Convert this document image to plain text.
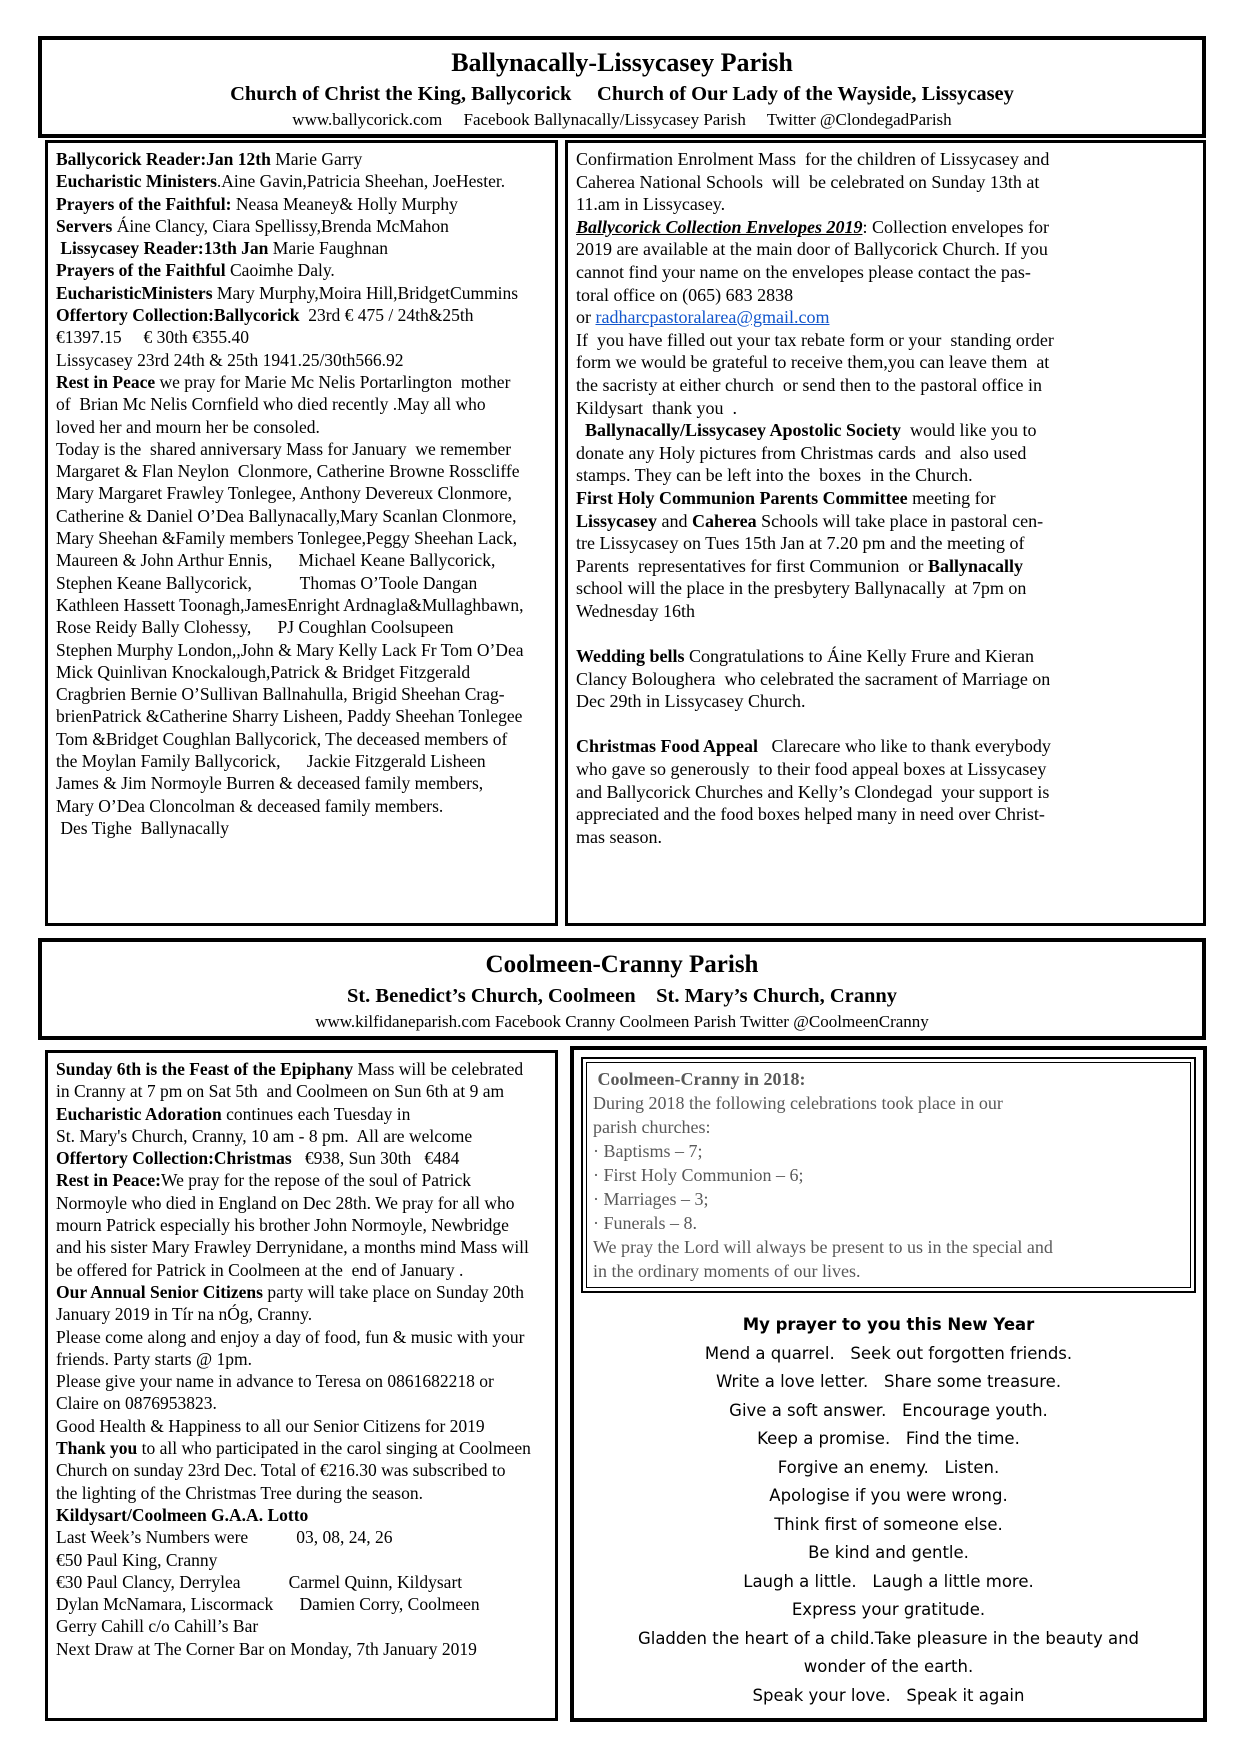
Ballynacally-Lissycasey Parish
Church of Christ the King, Ballycorick     Church of Our Lady of the Wayside, Lissycasey
www.ballycorick.com     Facebook Ballynacally/Lissycasey Parish     Twitter @ClondegadParish
Ballycorick Reader:Jan 12th Marie Garry
Eucharistic Ministers.Aine Gavin,Patricia Sheehan, JoeHester.
Prayers of the Faithful: Neasa Meaney& Holly Murphy
Servers Áine Clancy, Ciara Spellissy,Brenda McMahon
Lissycasey Reader:13th Jan Marie Faughnan
Prayers of the Faithful Caoimhe Daly.
EucharisticMinisters Mary Murphy,Moira Hill,BridgetCummins
Offertory Collection:Ballycorick  23rd € 475 / 24th&25th
€1397.15     € 30th €355.40
Lissycasey 23rd 24th & 25th 1941.25/30th566.92
Rest in Peace we pray for Marie Mc Nelis Portarlington  mother
of  Brian Mc Nelis Cornfield who died recently .May all who
loved her and mourn her be consoled.
Today is the  shared anniversary Mass for January  we remember
Margaret & Flan Neylon  Clonmore, Catherine Browne Rosscliffe
Mary Margaret Frawley Tonlegee, Anthony Devereux Clonmore,
Catherine & Daniel O’Dea Ballynacally,Mary Scanlan Clonmore,
Mary Sheehan &Family members Tonlegee,Peggy Sheehan Lack,
Maureen & John Arthur Ennis,      Michael Keane Ballycorick,
Stephen Keane Ballycorick,           Thomas O’Toole Dangan
Kathleen Hassett Toonagh,JamesEnright Ardnagla&Mullaghbawn,
Rose Reidy Bally Clohessy,      PJ Coughlan Coolsupeen
Stephen Murphy London,,John & Mary Kelly Lack Fr Tom O’Dea
Mick Quinlivan Knockalough,Patrick & Bridget Fitzgerald
Cragbrien Bernie O’Sullivan Ballnahulla, Brigid Sheehan Crag-
brienPatrick &Catherine Sharry Lisheen, Paddy Sheehan Tonlegee
Tom &Bridget Coughlan Ballycorick, The deceased members of
the Moylan Family Ballycorick,      Jackie Fitzgerald Lisheen
James & Jim Normoyle Burren & deceased family members,
Mary O’Dea Cloncolman & deceased family members.
Des Tighe  Ballynacally
Confirmation Enrolment Mass  for the children of Lissycasey and
Caherea National Schools  will  be celebrated on Sunday 13th at
11.am in Lissycasey.
Ballycorick Collection Envelopes 2019: Collection envelopes for
2019 are available at the main door of Ballycorick Church. If you
cannot find your name on the envelopes please contact the pas-
toral office on (065) 683 2838
or radharcpastoralarea@gmail.com
If  you have filled out your tax rebate form or your  standing order
form we would be grateful to receive them,you can leave them  at
the sacristy at either church  or send then to the pastoral office in
Kildysart  thank you  .
Ballynacally/Lissycasey Apostolic Society  would like you to
donate any Holy pictures from Christmas cards  and  also used
stamps. They can be left into the  boxes  in the Church.
First Holy Communion Parents Committee meeting for
Lissycasey and Caherea Schools will take place in pastoral cen-
tre Lissycasey on Tues 15th Jan at 7.20 pm and the meeting of
Parents  representatives for first Communion  or Ballynacally
school will the place in the presbytery Ballynacally  at 7pm on
Wednesday 16th

Wedding bells Congratulations to Áine Kelly Frure and Kieran
Clancy Boloughera  who celebrated the sacrament of Marriage on
Dec 29th in Lissycasey Church.

Christmas Food Appeal   Clarecare who like to thank everybody
who gave so generously  to their food appeal boxes at Lissycasey
and Ballycorick Churches and Kelly’s Clondegad  your support is
appreciated and the food boxes helped many in need over Christ-
mas season.
Coolmeen-Cranny Parish
St. Benedict’s Church, Coolmeen    St. Mary’s Church, Cranny
www.kilfidaneparish.com Facebook Cranny Coolmeen Parish Twitter @CoolmeenCranny
Sunday 6th is the Feast of the Epiphany Mass will be celebrated
in Cranny at 7 pm on Sat 5th  and Coolmeen on Sun 6th at 9 am
Eucharistic Adoration continues each Tuesday in
St. Mary's Church, Cranny, 10 am - 8 pm.  All are welcome
Offertory Collection:Christmas   €938, Sun 30th   €484
Rest in Peace:We pray for the repose of the soul of Patrick
Normoyle who died in England on Dec 28th. We pray for all who
mourn Patrick especially his brother John Normoyle, Newbridge
and his sister Mary Frawley Derrynidane, a months mind Mass will
be offered for Patrick in Coolmeen at the  end of January .
Our Annual Senior Citizens party will take place on Sunday 20th
January 2019 in Tír na nÓg, Cranny.
Please come along and enjoy a day of food, fun & music with your
friends. Party starts @ 1pm.
Please give your name in advance to Teresa on 0861682218 or
Claire on 0876953823.
Good Health & Happiness to all our Senior Citizens for 2019
Thank you to all who participated in the carol singing at Coolmeen
Church on sunday 23rd Dec. Total of €216.30 was subscribed to
the lighting of the Christmas Tree during the season.
Kildysart/Coolmeen G.A.A. Lotto
Last Week’s Numbers were           03, 08, 24, 26
€50 Paul King, Cranny
€30 Paul Clancy, Derrylea           Carmel Quinn, Kildysart
Dylan McNamara, Liscormack      Damien Corry, Coolmeen
Gerry Cahill c/o Cahill’s Bar
Next Draw at The Corner Bar on Monday, 7th January 2019
Coolmeen-Cranny in 2018:
During 2018 the following celebrations took place in our
parish churches:
· Baptisms – 7;
· First Holy Communion – 6;
· Marriages – 3;
· Funerals – 8.
We pray the Lord will always be present to us in the special and
in the ordinary moments of our lives.
My prayer to you this New Year
Mend a quarrel.   Seek out forgotten friends.
Write a love letter.   Share some treasure.
Give a soft answer.   Encourage youth.
Keep a promise.   Find the time.
Forgive an enemy.   Listen.
Apologise if you were wrong.
Think first of someone else.
Be kind and gentle.
Laugh a little.   Laugh a little more.
Express your gratitude.
Gladden the heart of a child.Take pleasure in the beauty and
wonder of the earth.
Speak your love.   Speak it again
